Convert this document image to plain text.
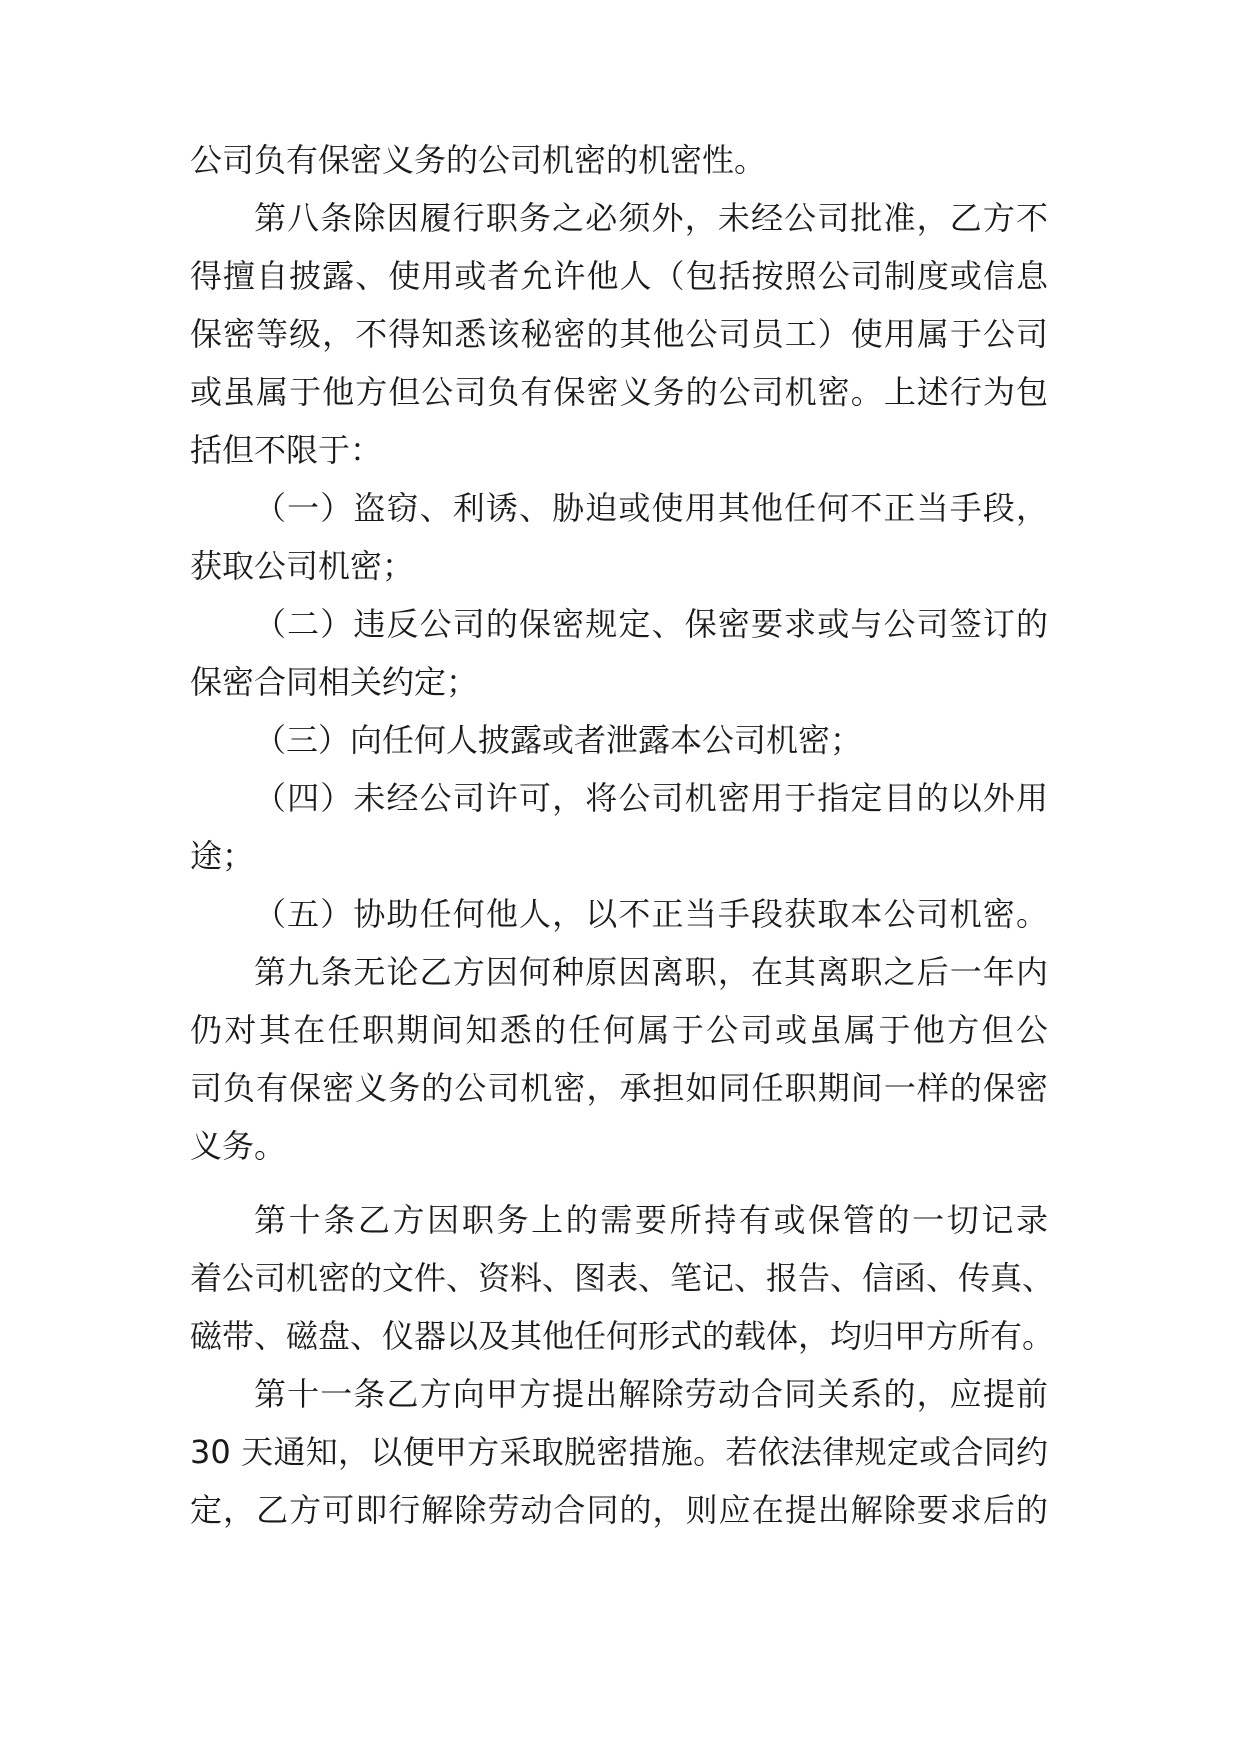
公司负有保密义务的公司机密的机密性。
第八条除因履行职务之必须外，未经公司批准，乙方不
得擅自披露、使用或者允许他人（包括按照公司制度或信息
保密等级，不得知悉该秘密的其他公司员工）使用属于公司
或虽属于他方但公司负有保密义务的公司机密。上述行为包
括但不限于：
（一）盗窃、利诱、胁迫或使用其他任何不正当手段，
获取公司机密；
（二）违反公司的保密规定、保密要求或与公司签订的
保密合同相关约定；
（三）向任何人披露或者泄露本公司机密；
（四）未经公司许可，将公司机密用于指定目的以外用
途；
（五）协助任何他人，以不正当手段获取本公司机密。
第九条无论乙方因何种原因离职，在其离职之后一年内
仍对其在任职期间知悉的任何属于公司或虽属于他方但公
司负有保密义务的公司机密，承担如同任职期间一样的保密
义务。
第十条乙方因职务上的需要所持有或保管的一切记录
着公司机密的文件、资料、图表、笔记、报告、信函、传真、
磁带、磁盘、仪器以及其他任何形式的载体，均归甲方所有。
第十一条乙方向甲方提出解除劳动合同关系的，应提前
30 天通知，以便甲方采取脱密措施。若依法律规定或合同约
定，乙方可即行解除劳动合同的，则应在提出解除要求后的
